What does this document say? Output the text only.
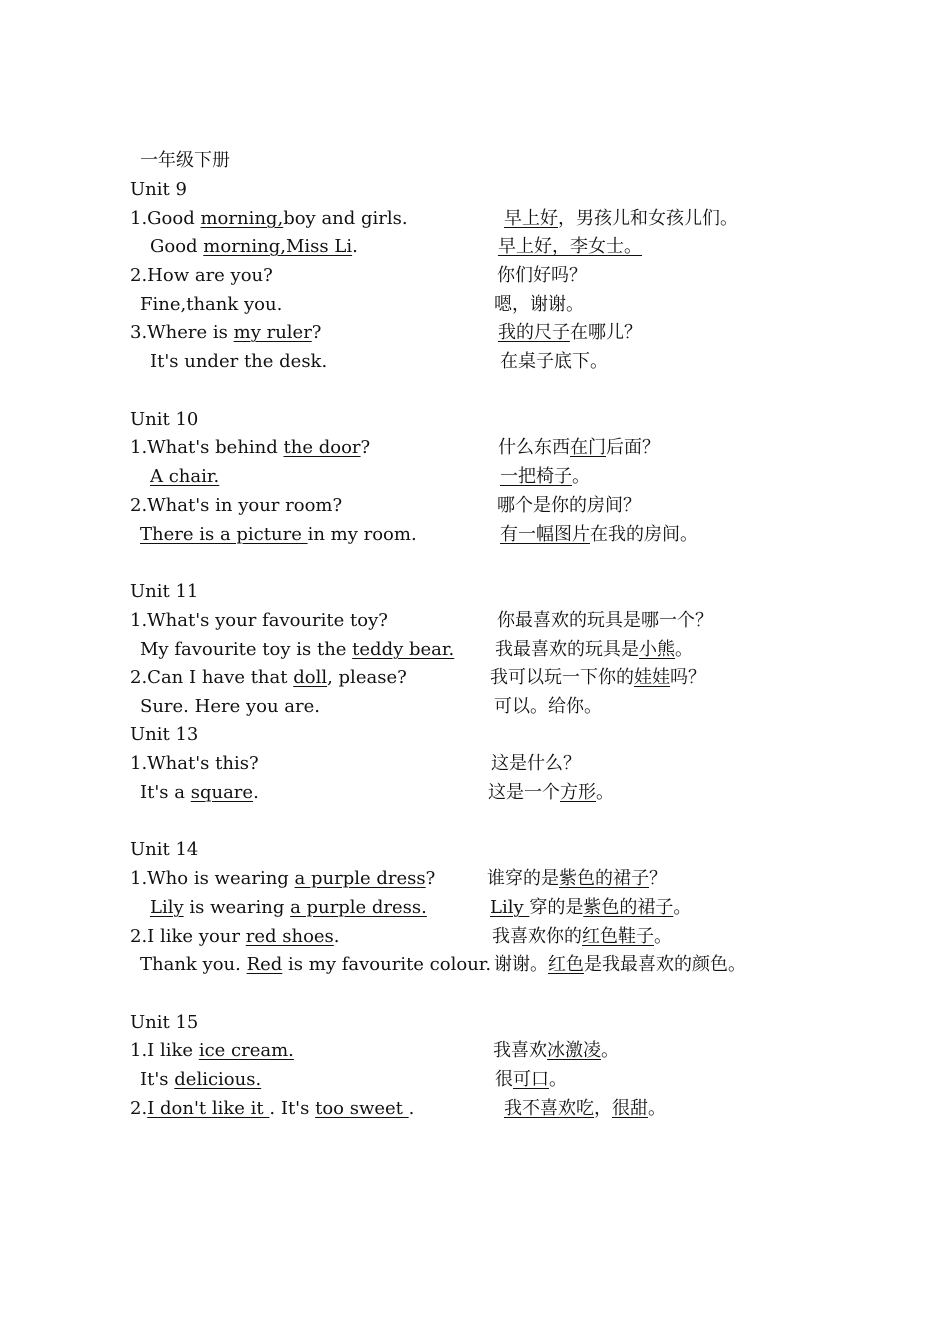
一年级下册
Unit 9
1.Good morning,boy and girls.	早上好，男孩儿和女孩儿们。
Good morning,Miss Li.	早上好，李女士。
2.How are you?	你们好吗？
Fine,thank you.	嗯，谢谢。
3.Where is my ruler?	我的尺子在哪儿？
It's under the desk.	在桌子底下。
Unit 10
1.What's behind the door?	什么东西在门后面？
A chair.	一把椅子。
2.What's in your room?	哪个是你的房间？
There is a picture in my room.	有一幅图片在我的房间。
Unit 11
1.What's your favourite toy?	你最喜欢的玩具是哪一个？
My favourite toy is the teddy bear. 我最喜欢的玩具是小熊。
2.Can I have that doll, please?	我可以玩一下你的娃娃吗？
Sure. Here you are.	可以。给你。
Unit 13
1.What's this?	这是什么？
It's a square.	这是一个方形。
Unit 14
1.Who is wearing a purple dress?	谁穿的是紫色的裙子？
Lily is wearing a purple dress.	Lily 穿的是紫色的裙子。
2.I like your red shoes.	我喜欢你的红色鞋子。
Thank you. Red is my favourite colour. 谢谢。红色是我最喜欢的颜色。
Unit 15
1.I like ice cream.	我喜欢冰激凌。
It's delicious.	很可口。
2.I don't like it . It's too sweet .	我不喜欢吃，很甜。
